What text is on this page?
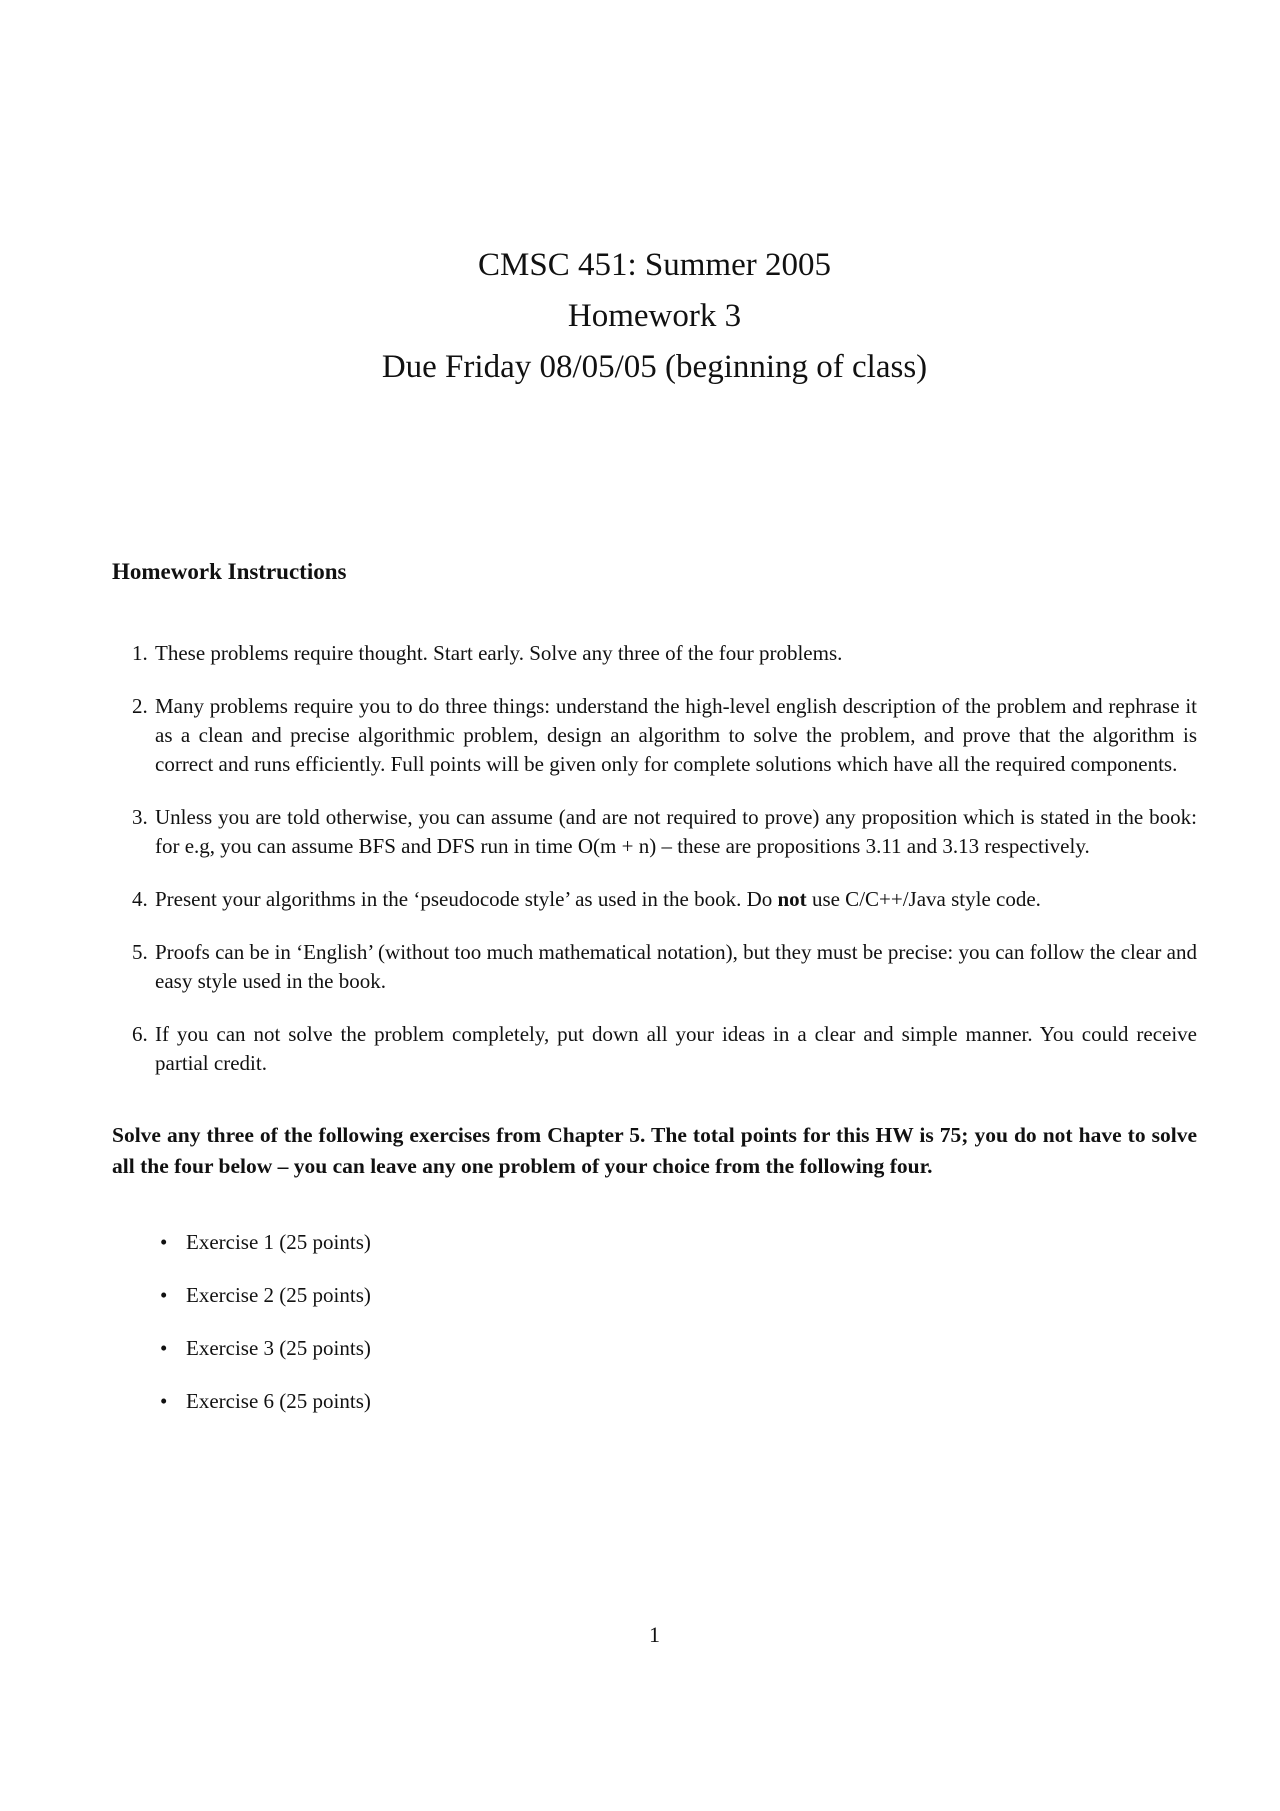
CMSC 451: Summer 2005
Homework 3
Due Friday 08/05/05 (beginning of class)
Homework Instructions
1. These problems require thought. Start early. Solve any three of the four problems.
2. Many problems require you to do three things: understand the high-level english description of the problem and rephrase it as a clean and precise algorithmic problem, design an algorithm to solve the problem, and prove that the algorithm is correct and runs efficiently. Full points will be given only for complete solutions which have all the required components.
3. Unless you are told otherwise, you can assume (and are not required to prove) any proposition which is stated in the book: for e.g, you can assume BFS and DFS run in time O(m + n) – these are propositions 3.11 and 3.13 respectively.
4. Present your algorithms in the ‘pseudocode style’ as used in the book. Do not use C/C++/Java style code.
5. Proofs can be in ‘English’ (without too much mathematical notation), but they must be precise: you can follow the clear and easy style used in the book.
6. If you can not solve the problem completely, put down all your ideas in a clear and simple manner. You could receive partial credit.
Solve any three of the following exercises from Chapter 5. The total points for this HW is 75; you do not have to solve all the four below – you can leave any one problem of your choice from the following four.
• Exercise 1 (25 points)
• Exercise 2 (25 points)
• Exercise 3 (25 points)
• Exercise 6 (25 points)
1
